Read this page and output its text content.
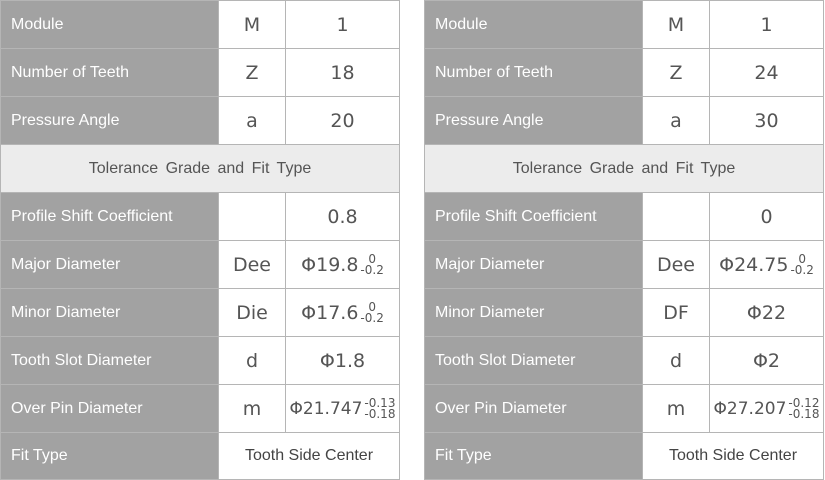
Module	M	1
Number of Teeth	Z	18
Pressure Angle	a	20
Tolerance Grade and Fit Type		
Profile Shift Coefficient		0.8
Major Diameter	Dee	Φ19.8 0
-0.2

Minor Diameter	Die	Φ17.6 0
-0.2

Tooth Slot Diameter	d	Φ1.8
Over Pin Diameter	m	Φ21.747 -0.13
-0.18

Fit Type	Tooth Side Center	
Module	M	1
Number of Teeth	Z	24
Pressure Angle	a	30
Tolerance Grade and Fit Type		
Profile Shift Coefficient		0
Major Diameter	Dee	Φ24.75 0
-0.2

Minor Diameter	DF	Φ22
Tooth Slot Diameter	d	Φ2
Over Pin Diameter	m	Φ27.207 -0.12
-0.18

Fit Type	Tooth Side Center	
